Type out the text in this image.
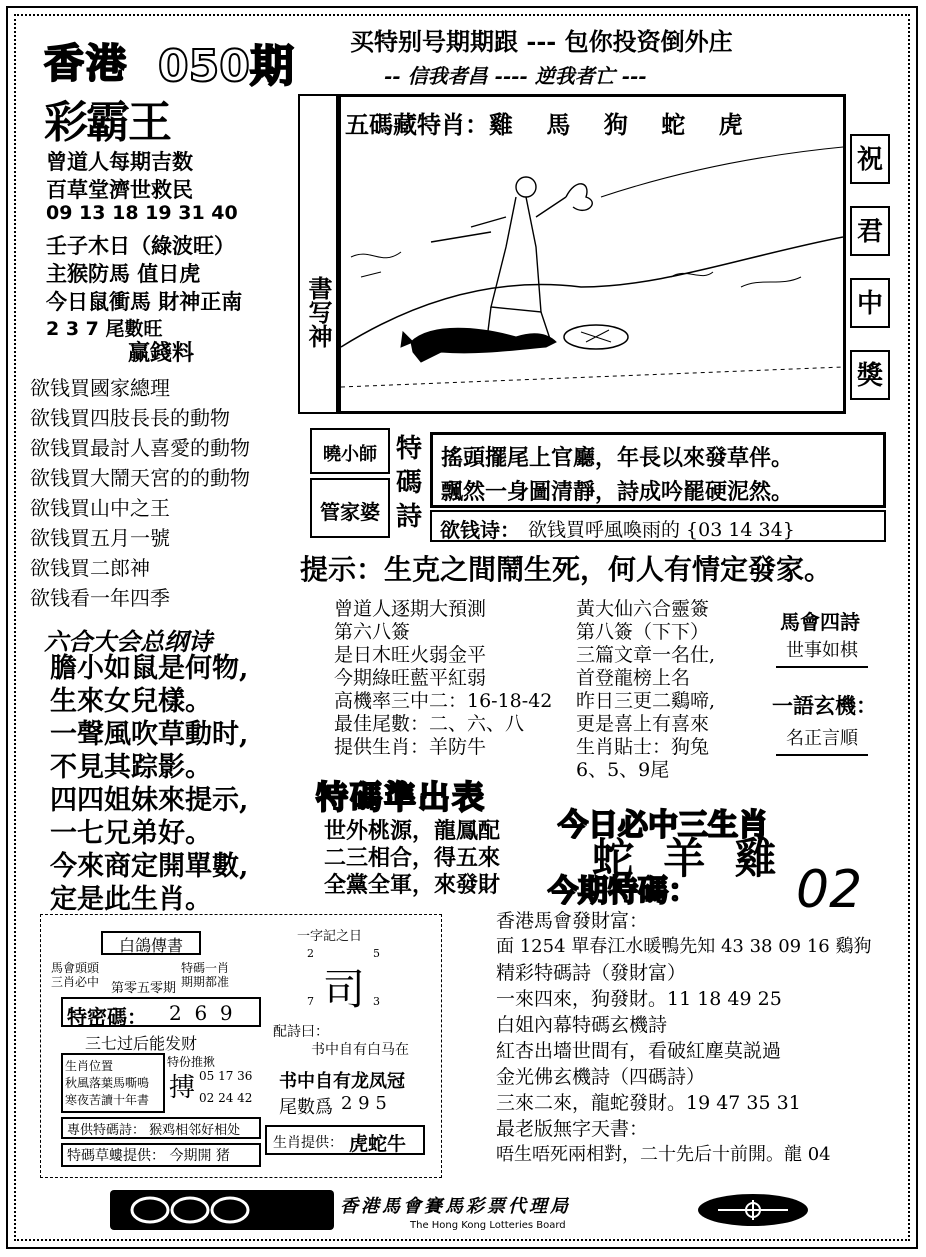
香港 050期
彩霸王
买特别号期期跟 --- 包你投资倒外庄
-- 信我者昌 ---- 逆我者亡 ---
曾道人每期吉数
百草堂濟世救民
09 13 18 19 31 40
壬子木日（綠波旺）
主猴防馬 值日虎
今日鼠衝馬 財神正南
2 3 7 尾數旺
赢錢料
欲钱買國家總理
欲钱買四肢長長的動物
欲钱買最討人喜愛的動物
欲钱買大鬧天宮的的動物
欲钱買山中之王
欲钱買五月一號
欲钱買二郎神
欲钱看一年四季
書写神
五碼藏特肖：雞    馬    狗    蛇    虎
祝
君
中
獎
曉小師
管家婆
特碼詩
搖頭擺尾上官廳，年長以來發草伴。
飄然一身圖清靜，詩成吟罷硬泥然。
欲钱诗： 欲钱買呼風喚雨的 {03 14 34}
提示：生克之間鬧生死，何人有情定發家。
六合大会总纲诗
膽小如鼠是何物,
生來女兒樣。
一聲風吹草動时,
不見其踪影。
四四姐妹來提示,
一七兄弟好。
今來商定開單數,
定是此生肖。
曾道人逐期大預測
第六八簽
是日木旺火弱金平
今期綠旺藍平紅弱
高機率三中二：16-18-42
最佳尾數：二、六、八
提供生肖：羊防牛
黃大仙六合靈簽
第八簽（下下）
三篇文章一名仕,
首登龍榜上名
昨日三更二鷄啼,
更是喜上有喜來
生肖貼士：狗兔
6、5、9尾
馬會四詩
世事如棋
一語玄機：
名正言順
特碼準出表
世外桃源，龍鳳配
二三相合，得五來
全黨全軍，來發財
今日必中三生肖
蛇  羊  雞
今期特碼： 02
白鴿傳書
馬會頭頭
三肖必中
特碼一肖
期期都准
第零五零期
特密碼： 2  6  9
三七过后能发财
生肖位置
秋風落葉馬嘶鳴
寒夜苦讀十年書
特份推揪
搏 05 17 36
02 24 42
專供特碼詩： 猴鸡相邻好相处
特碼草螻提供： 今期開 猪
一字記之日
2	5
司
7	3
配詩曰：
书中自有白马在
书中自有龙凤冠
尾數爲 2 9 5
生肖提供： 虎蛇牛
香港馬會發財富：
面 1254 單春江水暖鴨先知 43 38 09 16 鷄狗
精彩特碼詩（發財富）
一來四來，狗發財。11 18 49 25
白姐內幕特碼玄機詩
紅杏出墻世間有，看破紅塵莫説過
金光佛玄機詩（四碼詩）
三來二來，龍蛇發財。19 47 35 31
最老版無字天書：
唔生唔死兩相對，二十先后十前開。龍 04
香港馬會賽馬彩票代理局
The Hong Kong Lotteries Board
